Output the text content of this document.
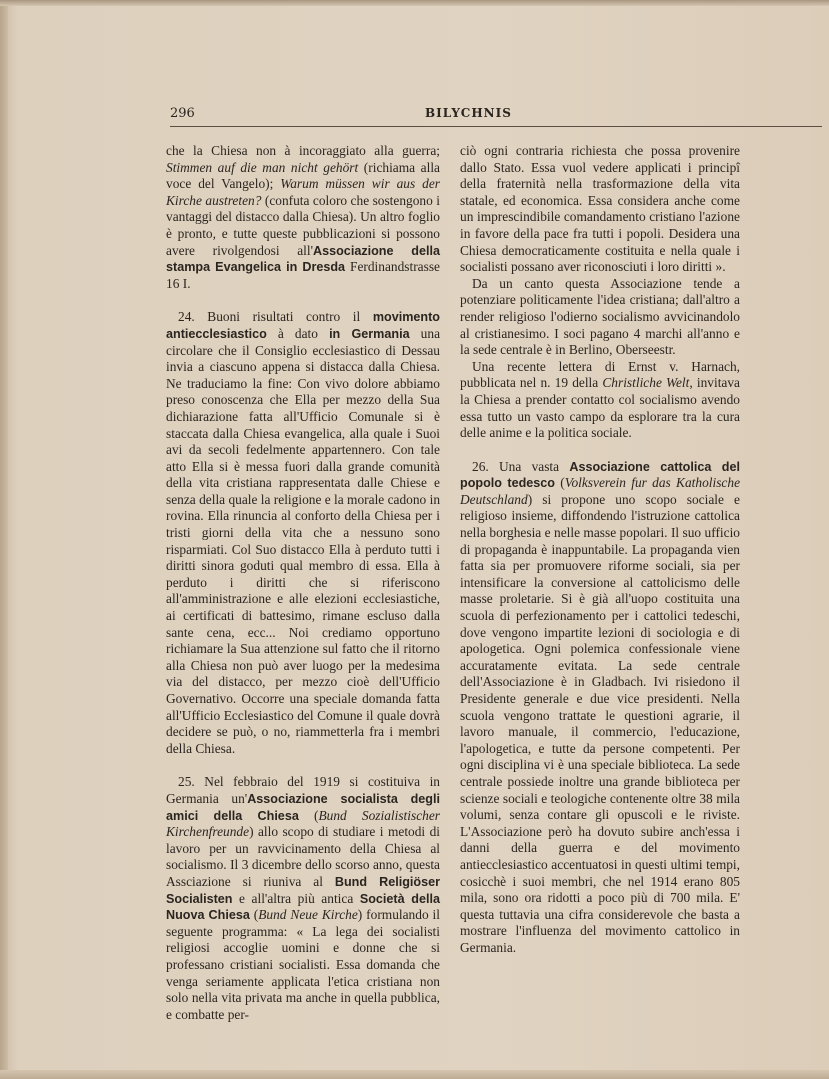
296	BILYCHNIS

che la Chiesa non à incoraggiato alla guerra; Stimmen auf die man nicht gehört (richiama alla voce del Vangelo); Warum müssen wir aus der Kirche austreten? (confuta coloro che sostengono i vantaggi del distacco dalla Chiesa). Un altro foglio è pronto, e tutte queste pubblicazioni si possono avere rivolgendosi all'Associazione della stampa Evangelica in Dresda Ferdinandstrasse 16 I.

24. Buoni risultati contro il movimento antiecclesiastico à dato in Germania una circolare che il Consiglio ecclesiastico di Dessau invia a ciascuno appena si distacca dalla Chiesa. Ne traduciamo la fine: Con vivo dolore abbiamo preso conoscenza che Ella per mezzo della Sua dichiarazione fatta all'Ufficio Comunale si è staccata dalla Chiesa evangelica, alla quale i Suoi avi da secoli fedelmente appartennero. Con tale atto Ella si è messa fuori dalla grande comunità della vita cristiana rappresentata dalle Chiese e senza della quale la religione e la morale cadono in rovina. Ella rinuncia al conforto della Chiesa per i tristi giorni della vita che a nessuno sono risparmiati. Col Suo distacco Ella à perduto tutti i diritti sinora goduti qual membro di essa. Ella à perduto i diritti che si riferiscono all'amministrazione e alle elezioni ecclesiastiche, ai certificati di battesimo, rimane escluso dalla sante cena, ecc... Noi crediamo opportuno richiamare la Sua attenzione sul fatto che il ritorno alla Chiesa non può aver luogo per la medesima via del distacco, per mezzo cioè dell'Ufficio Governativo. Occorre una speciale domanda fatta all'Ufficio Ecclesiastico del Comune il quale dovrà decidere se può, o no, riammetterla fra i membri della Chiesa.

25. Nel febbraio del 1919 si costituiva in Germania un'Associazione socialista degli amici della Chiesa (Bund Sozialistischer Kirchenfreunde) allo scopo di studiare i metodi di lavoro per un ravvicinamento della Chiesa al socialismo. Il 3 dicembre dello scorso anno, questa Assciazione si riuniva al Bund Religiöser Socialisten e all'altra più antica Società della Nuova Chiesa (Bund Neue Kirche) formulando il seguente programma: « La lega dei socialisti religiosi accoglie uomini e donne che si professano cristiani socialisti. Essa domanda che venga seriamente applicata l'etica cristiana non solo nella vita privata ma anche in quella pubblica, e combatte per-

ciò ogni contraria richiesta che possa provenire dallo Stato. Essa vuol vedere applicati i principî della fraternità nella trasformazione della vita statale, ed economica. Essa considera anche come un imprescindibile comandamento cristiano l'azione in favore della pace fra tutti i popoli. Desidera una Chiesa democraticamente costituita e nella quale i socialisti possano aver riconosciuti i loro diritti ».

Da un canto questa Associazione tende a potenziare politicamente l'idea cristiana; dall'altro a render religioso l'odierno socialismo avvicinandolo al cristianesimo. I soci pagano 4 marchi all'anno e la sede centrale è in Berlino, Oberseestr.

Una recente lettera di Ernst v. Harnach, pubblicata nel n. 19 della Christliche Welt, invitava la Chiesa a prender contatto col socialismo avendo essa tutto un vasto campo da esplorare tra la cura delle anime e la politica sociale.

26. Una vasta Associazione cattolica del popolo tedesco (Volksverein fur das Katholische Deutschland) si propone uno scopo sociale e religioso insieme, diffondendo l'istruzione cattolica nella borghesia e nelle masse popolari. Il suo ufficio di propaganda è inappuntabile. La propaganda vien fatta sia per promuovere riforme sociali, sia per intensificare la conversione al cattolicismo delle masse proletarie. Si è già all'uopo costituita una scuola di perfezionamento per i cattolici tedeschi, dove vengono impartite lezioni di sociologia e di apologetica. Ogni polemica confessionale viene accuratamente evitata. La sede centrale dell'Associazione è in Gladbach. Ivi risiedono il Presidente generale e due vice presidenti. Nella scuola vengono trattate le questioni agrarie, il lavoro manuale, il commercio, l'educazione, l'apologetica, e tutte da persone competenti. Per ogni disciplina vi è una speciale biblioteca. La sede centrale possiede inoltre una grande biblioteca per scienze sociali e teologiche contenente oltre 38 mila volumi, senza contare gli opuscoli e le riviste. L'Associazione però ha dovuto subire anch'essa i danni della guerra e del movimento antiecclesiastico accentuatosi in questi ultimi tempi, cosicchè i suoi membri, che nel 1914 erano 805 mila, sono ora ridotti a poco più di 700 mila. E' questa tuttavia una cifra considerevole che basta a mostrare l'influenza del movimento cattolico in Germania.
